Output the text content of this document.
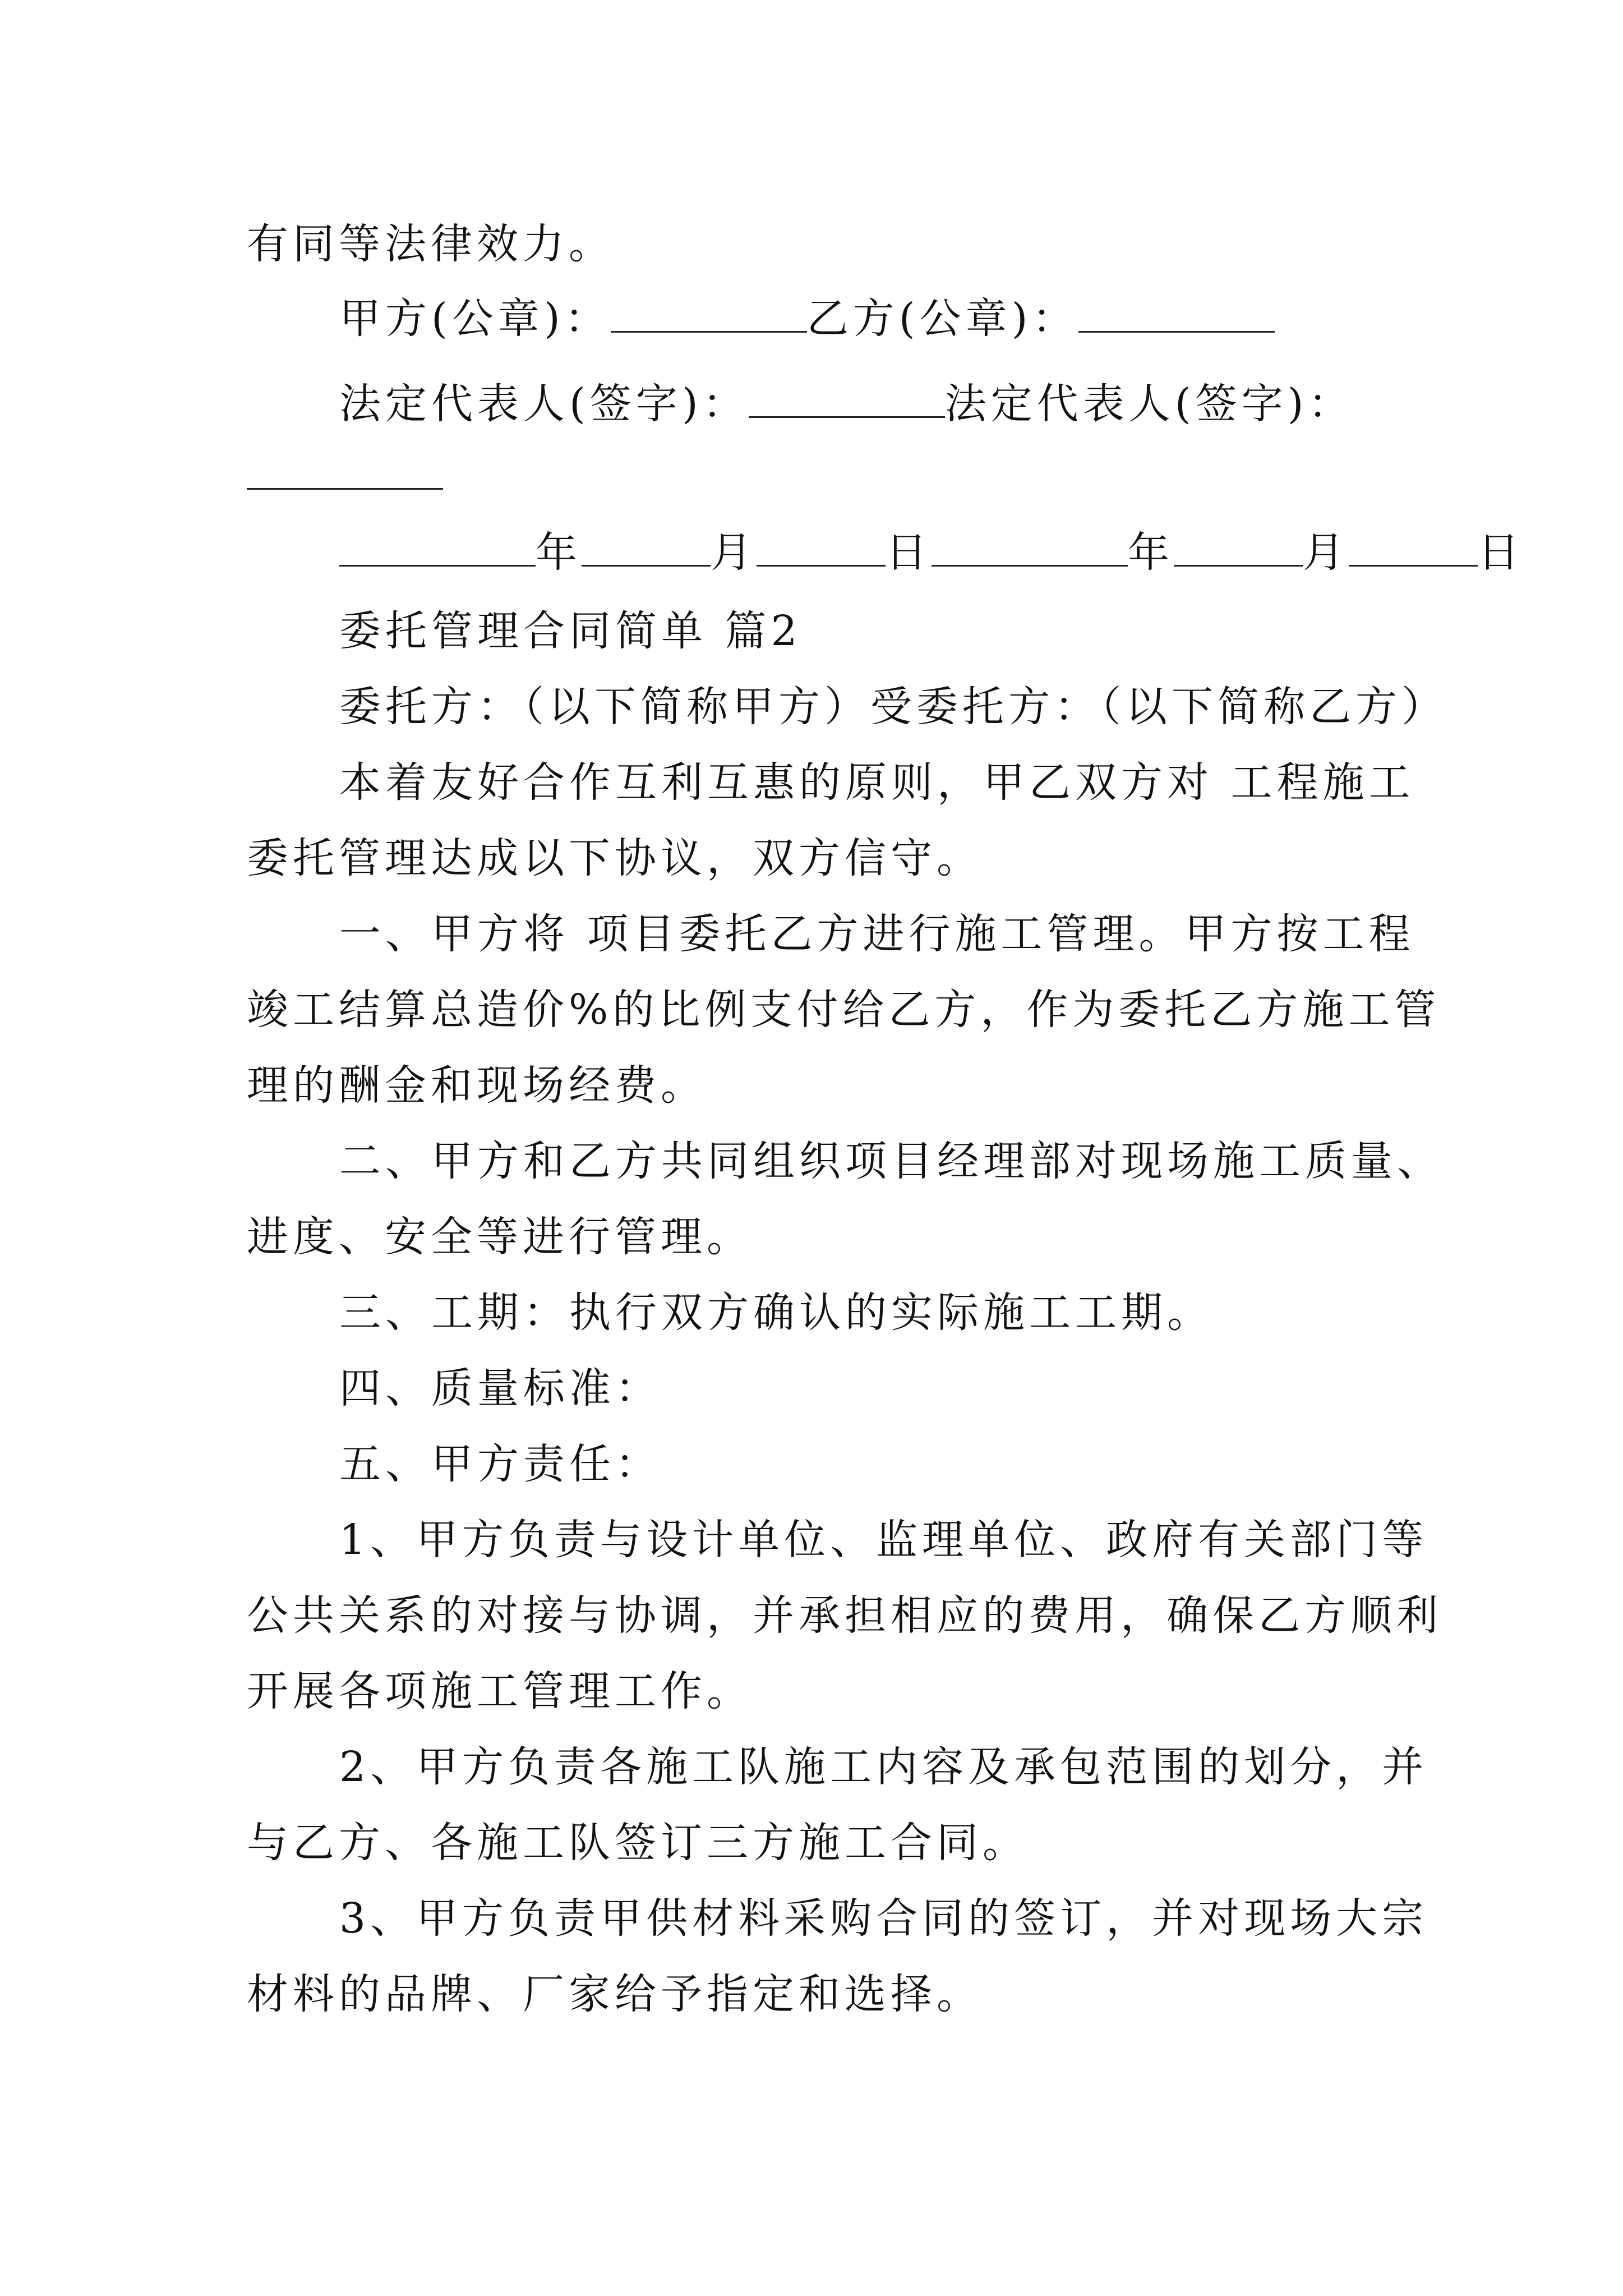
有同等法律效力。
甲方(公章)：	乙方(公章)：
法定代表人(签字)：	法定代表人(签字)：
年	月	日	年	月	日
委托管理合同简单 篇2
委托方：（以下简称甲方）受委托方：（以下简称乙方）
本着友好合作互利互惠的原则，甲乙双方对 工程施工
委托管理达成以下协议，双方信守。
一、甲方将 项目委托乙方进行施工管理。甲方按工程
竣工结算总造价%的比例支付给乙方，作为委托乙方施工管
理的酬金和现场经费。
二、甲方和乙方共同组织项目经理部对现场施工质量、
进度、安全等进行管理。
三、工期：执行双方确认的实际施工工期。
四、质量标准：
五、甲方责任：
1、甲方负责与设计单位、监理单位、政府有关部门等
公共关系的对接与协调，并承担相应的费用，确保乙方顺利
开展各项施工管理工作。
2、甲方负责各施工队施工内容及承包范围的划分，并
与乙方、各施工队签订三方施工合同。
3、甲方负责甲供材料采购合同的签订，并对现场大宗
材料的品牌、厂家给予指定和选择。
